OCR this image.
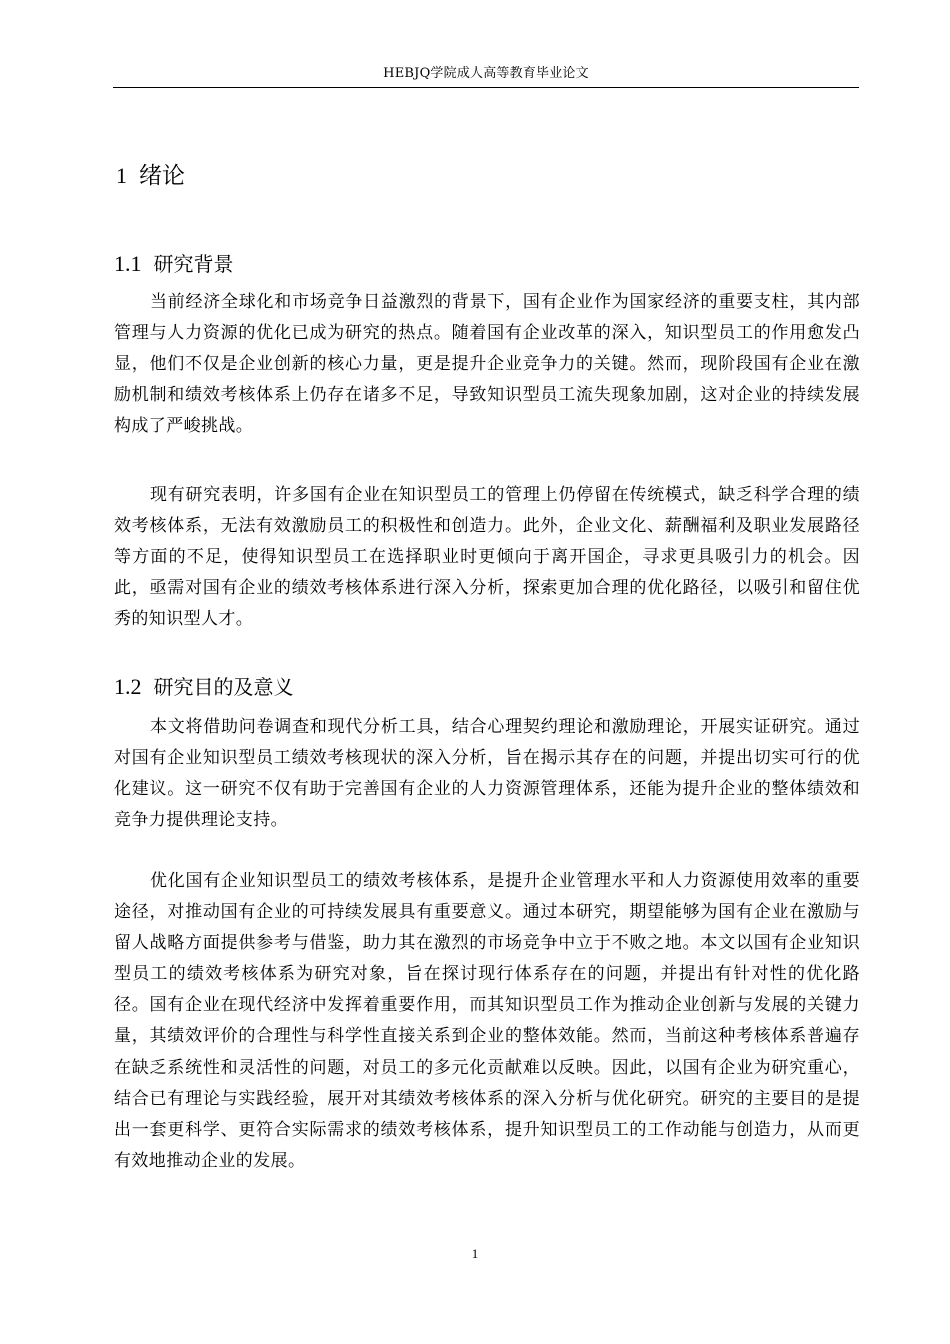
HEBJQ学院成人高等教育毕业论文
1 绪论
1.1 研究背景

当前经济全球化和市场竞争日益激烈的背景下，国有企业作为国家经济的重要支柱，其内部管理与人力资源的优化已成为研究的热点。随着国有企业改革的深入，知识型员工的作用愈发凸显，他们不仅是企业创新的核心力量，更是提升企业竞争力的关键。然而，现阶段国有企业在激励机制和绩效考核体系上仍存在诸多不足，导致知识型员工流失现象加剧，这对企业的持续发展构成了严峻挑战。

现有研究表明，许多国有企业在知识型员工的管理上仍停留在传统模式，缺乏科学合理的绩效考核体系，无法有效激励员工的积极性和创造力。此外，企业文化、薪酬福利及职业发展路径等方面的不足，使得知识型员工在选择职业时更倾向于离开国企，寻求更具吸引力的机会。因此，亟需对国有企业的绩效考核体系进行深入分析，探索更加合理的优化路径，以吸引和留住优秀的知识型人才。

1.2 研究目的及意义

本文将借助问卷调查和现代分析工具，结合心理契约理论和激励理论，开展实证研究。通过对国有企业知识型员工绩效考核现状的深入分析，旨在揭示其存在的问题，并提出切实可行的优化建议。这一研究不仅有助于完善国有企业的人力资源管理体系，还能为提升企业的整体绩效和竞争力提供理论支持。

优化国有企业知识型员工的绩效考核体系，是提升企业管理水平和人力资源使用效率的重要途径，对推动国有企业的可持续发展具有重要意义。通过本研究，期望能够为国有企业在激励与留人战略方面提供参考与借鉴，助力其在激烈的市场竞争中立于不败之地。本文以国有企业知识型员工的绩效考核体系为研究对象，旨在探讨现行体系存在的问题，并提出有针对性的优化路径。国有企业在现代经济中发挥着重要作用，而其知识型员工作为推动企业创新与发展的关键力量，其绩效评价的合理性与科学性直接关系到企业的整体效能。然而，当前这种考核体系普遍存在缺乏系统性和灵活性的问题，对员工的多元化贡献难以反映。因此，以国有企业为研究重心，结合已有理论与实践经验，展开对其绩效考核体系的深入分析与优化研究。研究的主要目的是提出一套更科学、更符合实际需求的绩效考核体系，提升知识型员工的工作动能与创造力，从而更有效地推动企业的发展。

1
